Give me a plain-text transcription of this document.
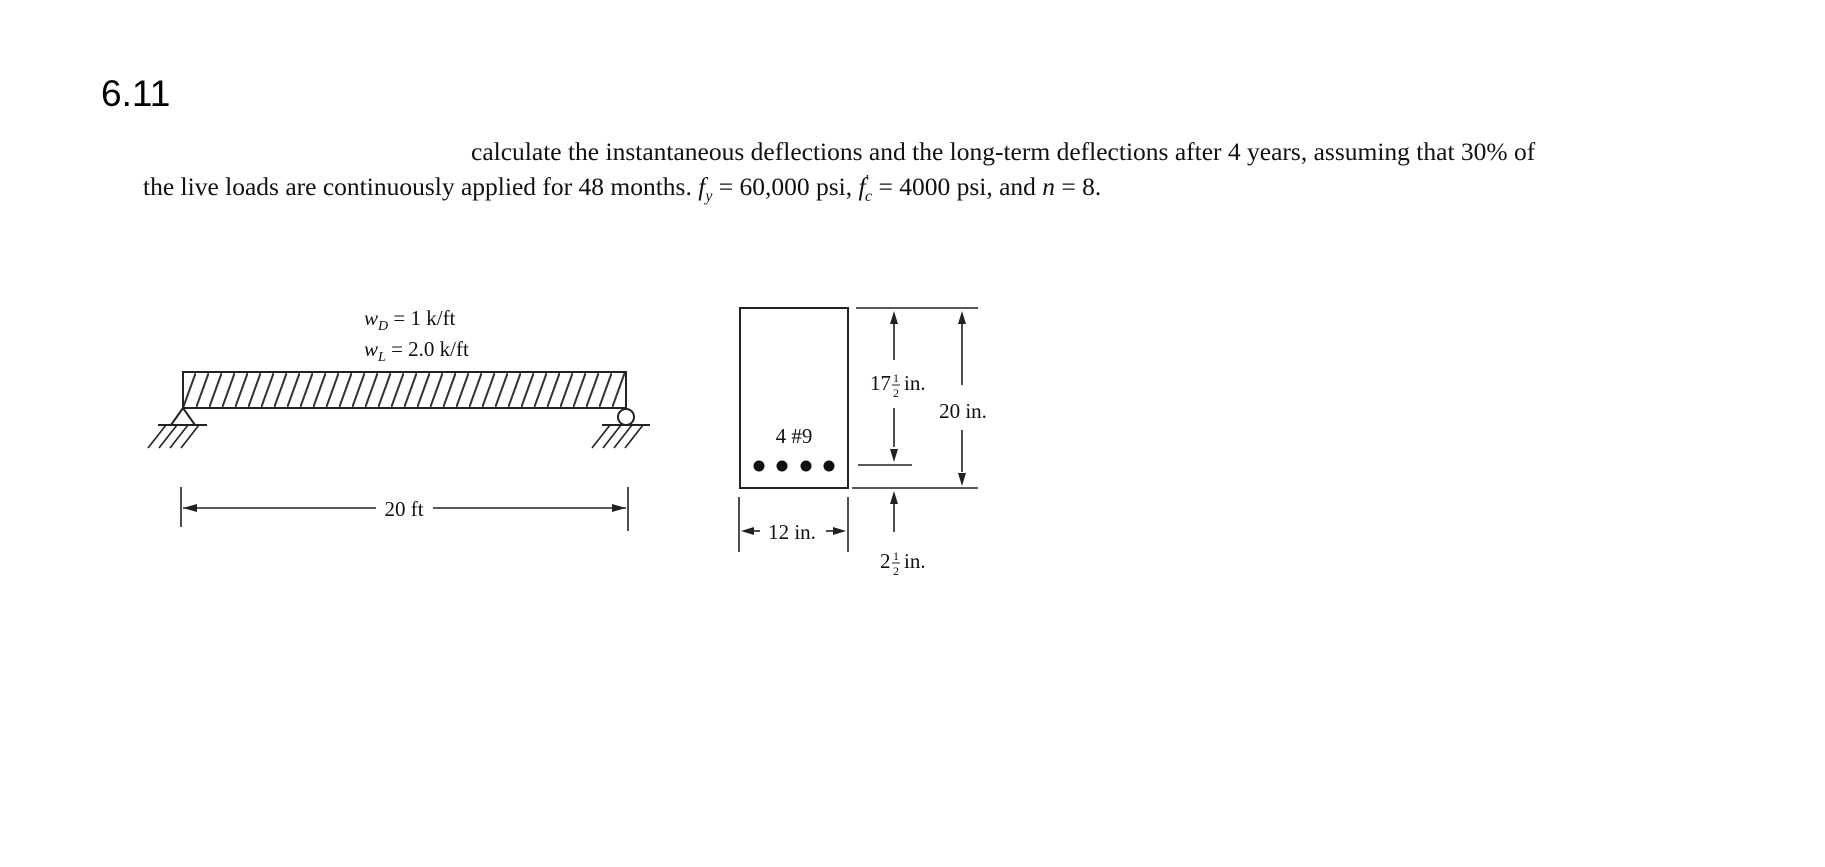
6.11
calculate the instantaneous deflections and the long-term deflections after 4 years, assuming that 30% of
the live loads are continuously applied for 48 months. $f_y = 60,000$ psi, $f'_c = 4000$ psi, and n = 8.
$w_D = 1$ k/ft
$w_L = 2.0$ k/ft
20 ft
4 #9
12 in.
17 1
2 in.
20 in.
2 1
2 in.
